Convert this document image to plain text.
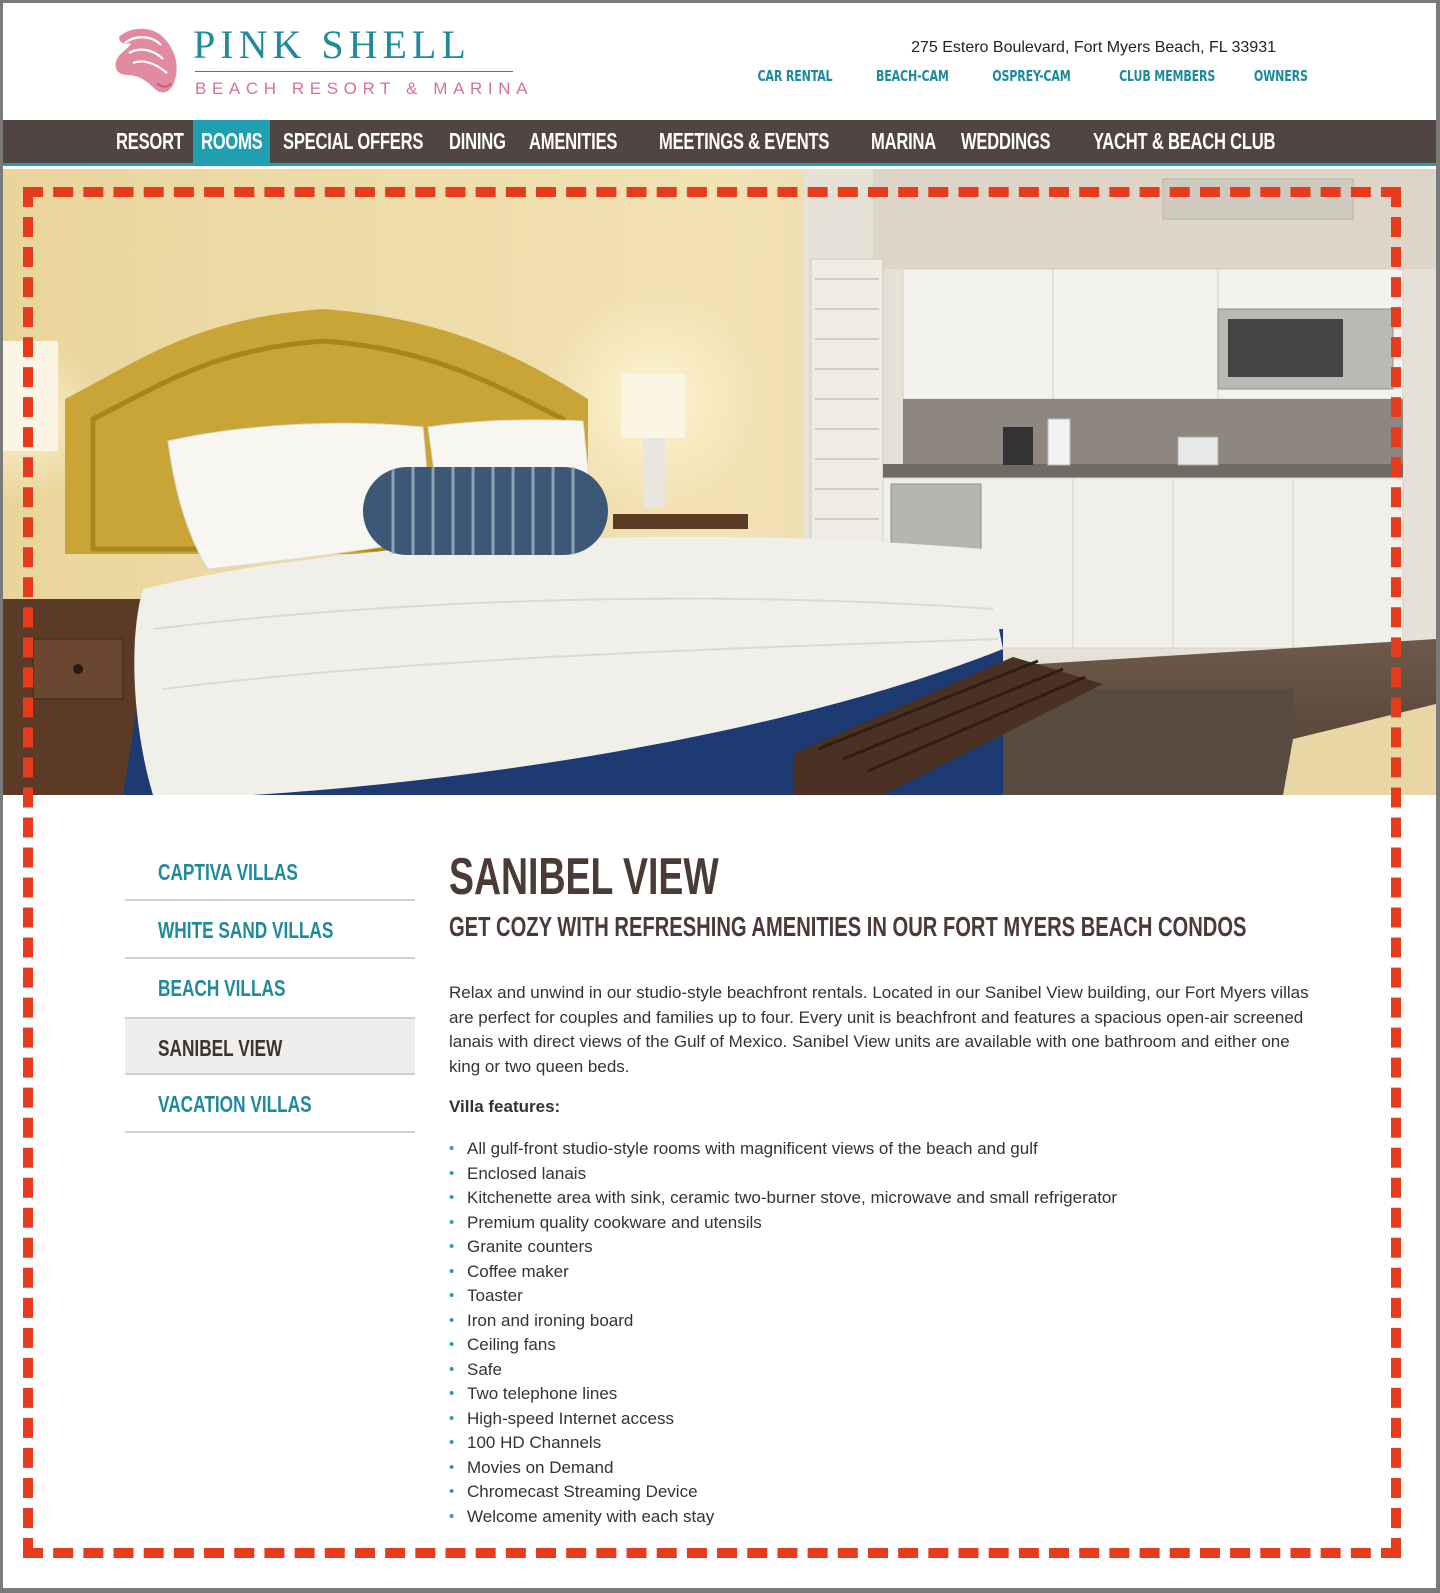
PINK SHELL
BEACH RESORT & MARINA
275 Estero Boulevard, Fort Myers Beach, FL 33931
CAR RENTAL	BEACH-CAM	OSPREY-CAM	CLUB MEMBERS	OWNERS
RESORT ROOMS SPECIAL OFFERS	DINING	AMENITIES	MEETINGS & EVENTS	MARINA	WEDDINGS	YACHT & BEACH CLUB
CAPTIVA VILLAS
WHITE SAND VILLAS
BEACH VILLAS
SANIBEL VIEW
VACATION VILLAS
SANIBEL VIEW
GET COZY WITH REFRESHING AMENITIES IN OUR FORT MYERS BEACH CONDOS

Relax and unwind in our studio-style beachfront rentals. Located in our Sanibel View building, our Fort Myers villas are perfect for couples and families up to four. Every unit is beachfront and features a spacious open-air screened lanais with direct views of the Gulf of Mexico. Sanibel View units are available with one bathroom and either one king or two queen beds.

Villa features:

• All gulf-front studio-style rooms with magnificent views of the beach and gulf
• Enclosed lanais
• Kitchenette area with sink, ceramic two-burner stove, microwave and small refrigerator
• Premium quality cookware and utensils
• Granite counters
• Coffee maker
• Toaster
• Iron and ironing board
• Ceiling fans
• Safe
• Two telephone lines
• High-speed Internet access
• 100 HD Channels
• Movies on Demand
• Chromecast Streaming Device
• Welcome amenity with each stay
